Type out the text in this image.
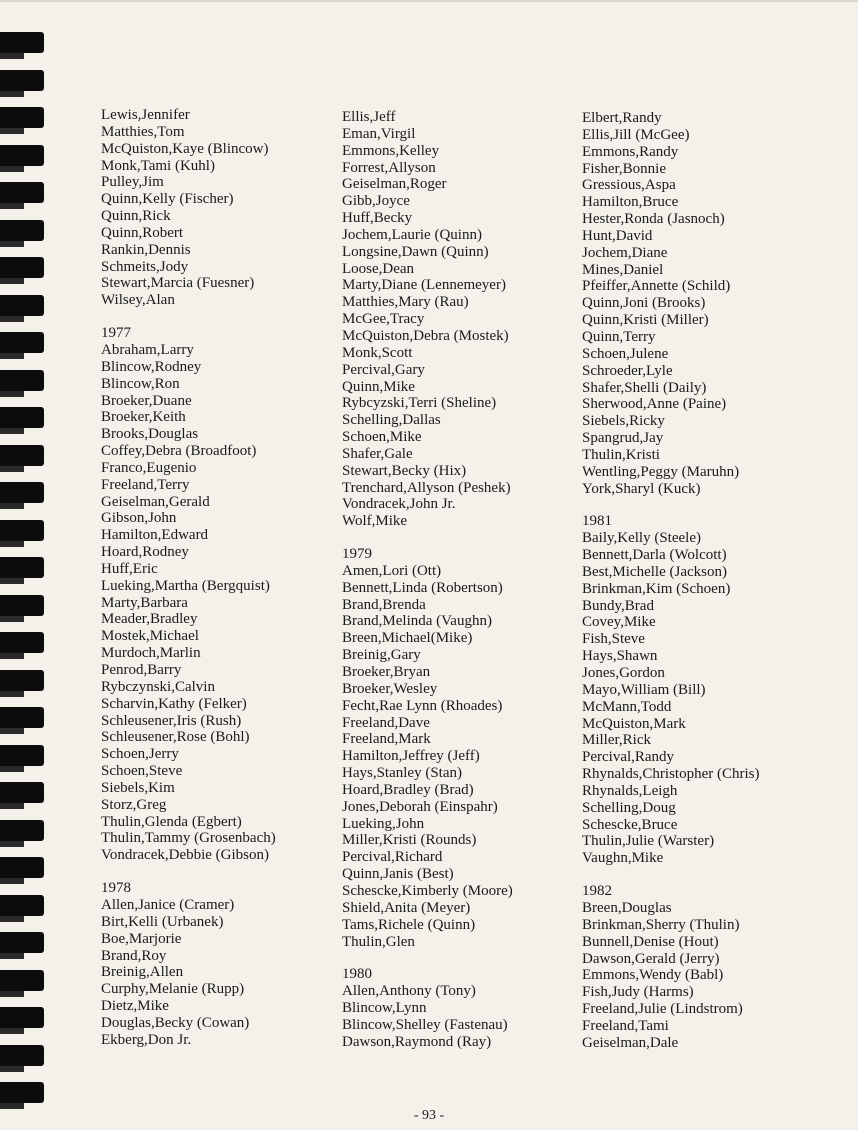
Lewis,Jennifer
Matthies,Tom
McQuiston,Kaye (Blincow)
Monk,Tami (Kuhl)
Pulley,Jim
Quinn,Kelly (Fischer)
Quinn,Rick
Quinn,Robert
Rankin,Dennis
Schmeits,Jody
Stewart,Marcia (Fuesner)
Wilsey,Alan
1977
Abraham,Larry
Blincow,Rodney
Blincow,Ron
Broeker,Duane
Broeker,Keith
Brooks,Douglas
Coffey,Debra (Broadfoot)
Franco,Eugenio
Freeland,Terry
Geiselman,Gerald
Gibson,John
Hamilton,Edward
Hoard,Rodney
Huff,Eric
Lueking,Martha (Bergquist)
Marty,Barbara
Meader,Bradley
Mostek,Michael
Murdoch,Marlin
Penrod,Barry
Rybczynski,Calvin
Scharvin,Kathy (Felker)
Schleusener,Iris (Rush)
Schleusener,Rose (Bohl)
Schoen,Jerry
Schoen,Steve
Siebels,Kim
Storz,Greg
Thulin,Glenda (Egbert)
Thulin,Tammy (Grosenbach)
Vondracek,Debbie (Gibson)
1978
Allen,Janice (Cramer)
Birt,Kelli (Urbanek)
Boe,Marjorie
Brand,Roy
Breinig,Allen
Curphy,Melanie (Rupp)
Dietz,Mike
Douglas,Becky (Cowan)
Ekberg,Don Jr.
Ellis,Jeff
Eman,Virgil
Emmons,Kelley
Forrest,Allyson
Geiselman,Roger
Gibb,Joyce
Huff,Becky
Jochem,Laurie (Quinn)
Longsine,Dawn (Quinn)
Loose,Dean
Marty,Diane (Lennemeyer)
Matthies,Mary (Rau)
McGee,Tracy
McQuiston,Debra (Mostek)
Monk,Scott
Percival,Gary
Quinn,Mike
Rybcyzski,Terri (Sheline)
Schelling,Dallas
Schoen,Mike
Shafer,Gale
Stewart,Becky (Hix)
Trenchard,Allyson (Peshek)
Vondracek,John Jr.
Wolf,Mike
1979
Amen,Lori (Ott)
Bennett,Linda (Robertson)
Brand,Brenda
Brand,Melinda (Vaughn)
Breen,Michael(Mike)
Breinig,Gary
Broeker,Bryan
Broeker,Wesley
Fecht,Rae Lynn (Rhoades)
Freeland,Dave
Freeland,Mark
Hamilton,Jeffrey (Jeff)
Hays,Stanley (Stan)
Hoard,Bradley (Brad)
Jones,Deborah (Einspahr)
Lueking,John
Miller,Kristi (Rounds)
Percival,Richard
Quinn,Janis (Best)
Schescke,Kimberly (Moore)
Shield,Anita (Meyer)
Tams,Richele (Quinn)
Thulin,Glen
1980
Allen,Anthony (Tony)
Blincow,Lynn
Blincow,Shelley (Fastenau)
Dawson,Raymond (Ray)
Elbert,Randy
Ellis,Jill (McGee)
Emmons,Randy
Fisher,Bonnie
Gressious,Aspa
Hamilton,Bruce
Hester,Ronda (Jasnoch)
Hunt,David
Jochem,Diane
Mines,Daniel
Pfeiffer,Annette (Schild)
Quinn,Joni (Brooks)
Quinn,Kristi (Miller)
Quinn,Terry
Schoen,Julene
Schroeder,Lyle
Shafer,Shelli (Daily)
Sherwood,Anne (Paine)
Siebels,Ricky
Spangrud,Jay
Thulin,Kristi
Wentling,Peggy (Maruhn)
York,Sharyl (Kuck)
1981
Baily,Kelly (Steele)
Bennett,Darla (Wolcott)
Best,Michelle (Jackson)
Brinkman,Kim (Schoen)
Bundy,Brad
Covey,Mike
Fish,Steve
Hays,Shawn
Jones,Gordon
Mayo,William (Bill)
McMann,Todd
McQuiston,Mark
Miller,Rick
Percival,Randy
Rhynalds,Christopher (Chris)
Rhynalds,Leigh
Schelling,Doug
Schescke,Bruce
Thulin,Julie (Warster)
Vaughn,Mike
1982
Breen,Douglas
Brinkman,Sherry (Thulin)
Bunnell,Denise (Hout)
Dawson,Gerald (Jerry)
Emmons,Wendy (Babl)
Fish,Judy (Harms)
Freeland,Julie (Lindstrom)
Freeland,Tami
Geiselman,Dale
- 93 -
